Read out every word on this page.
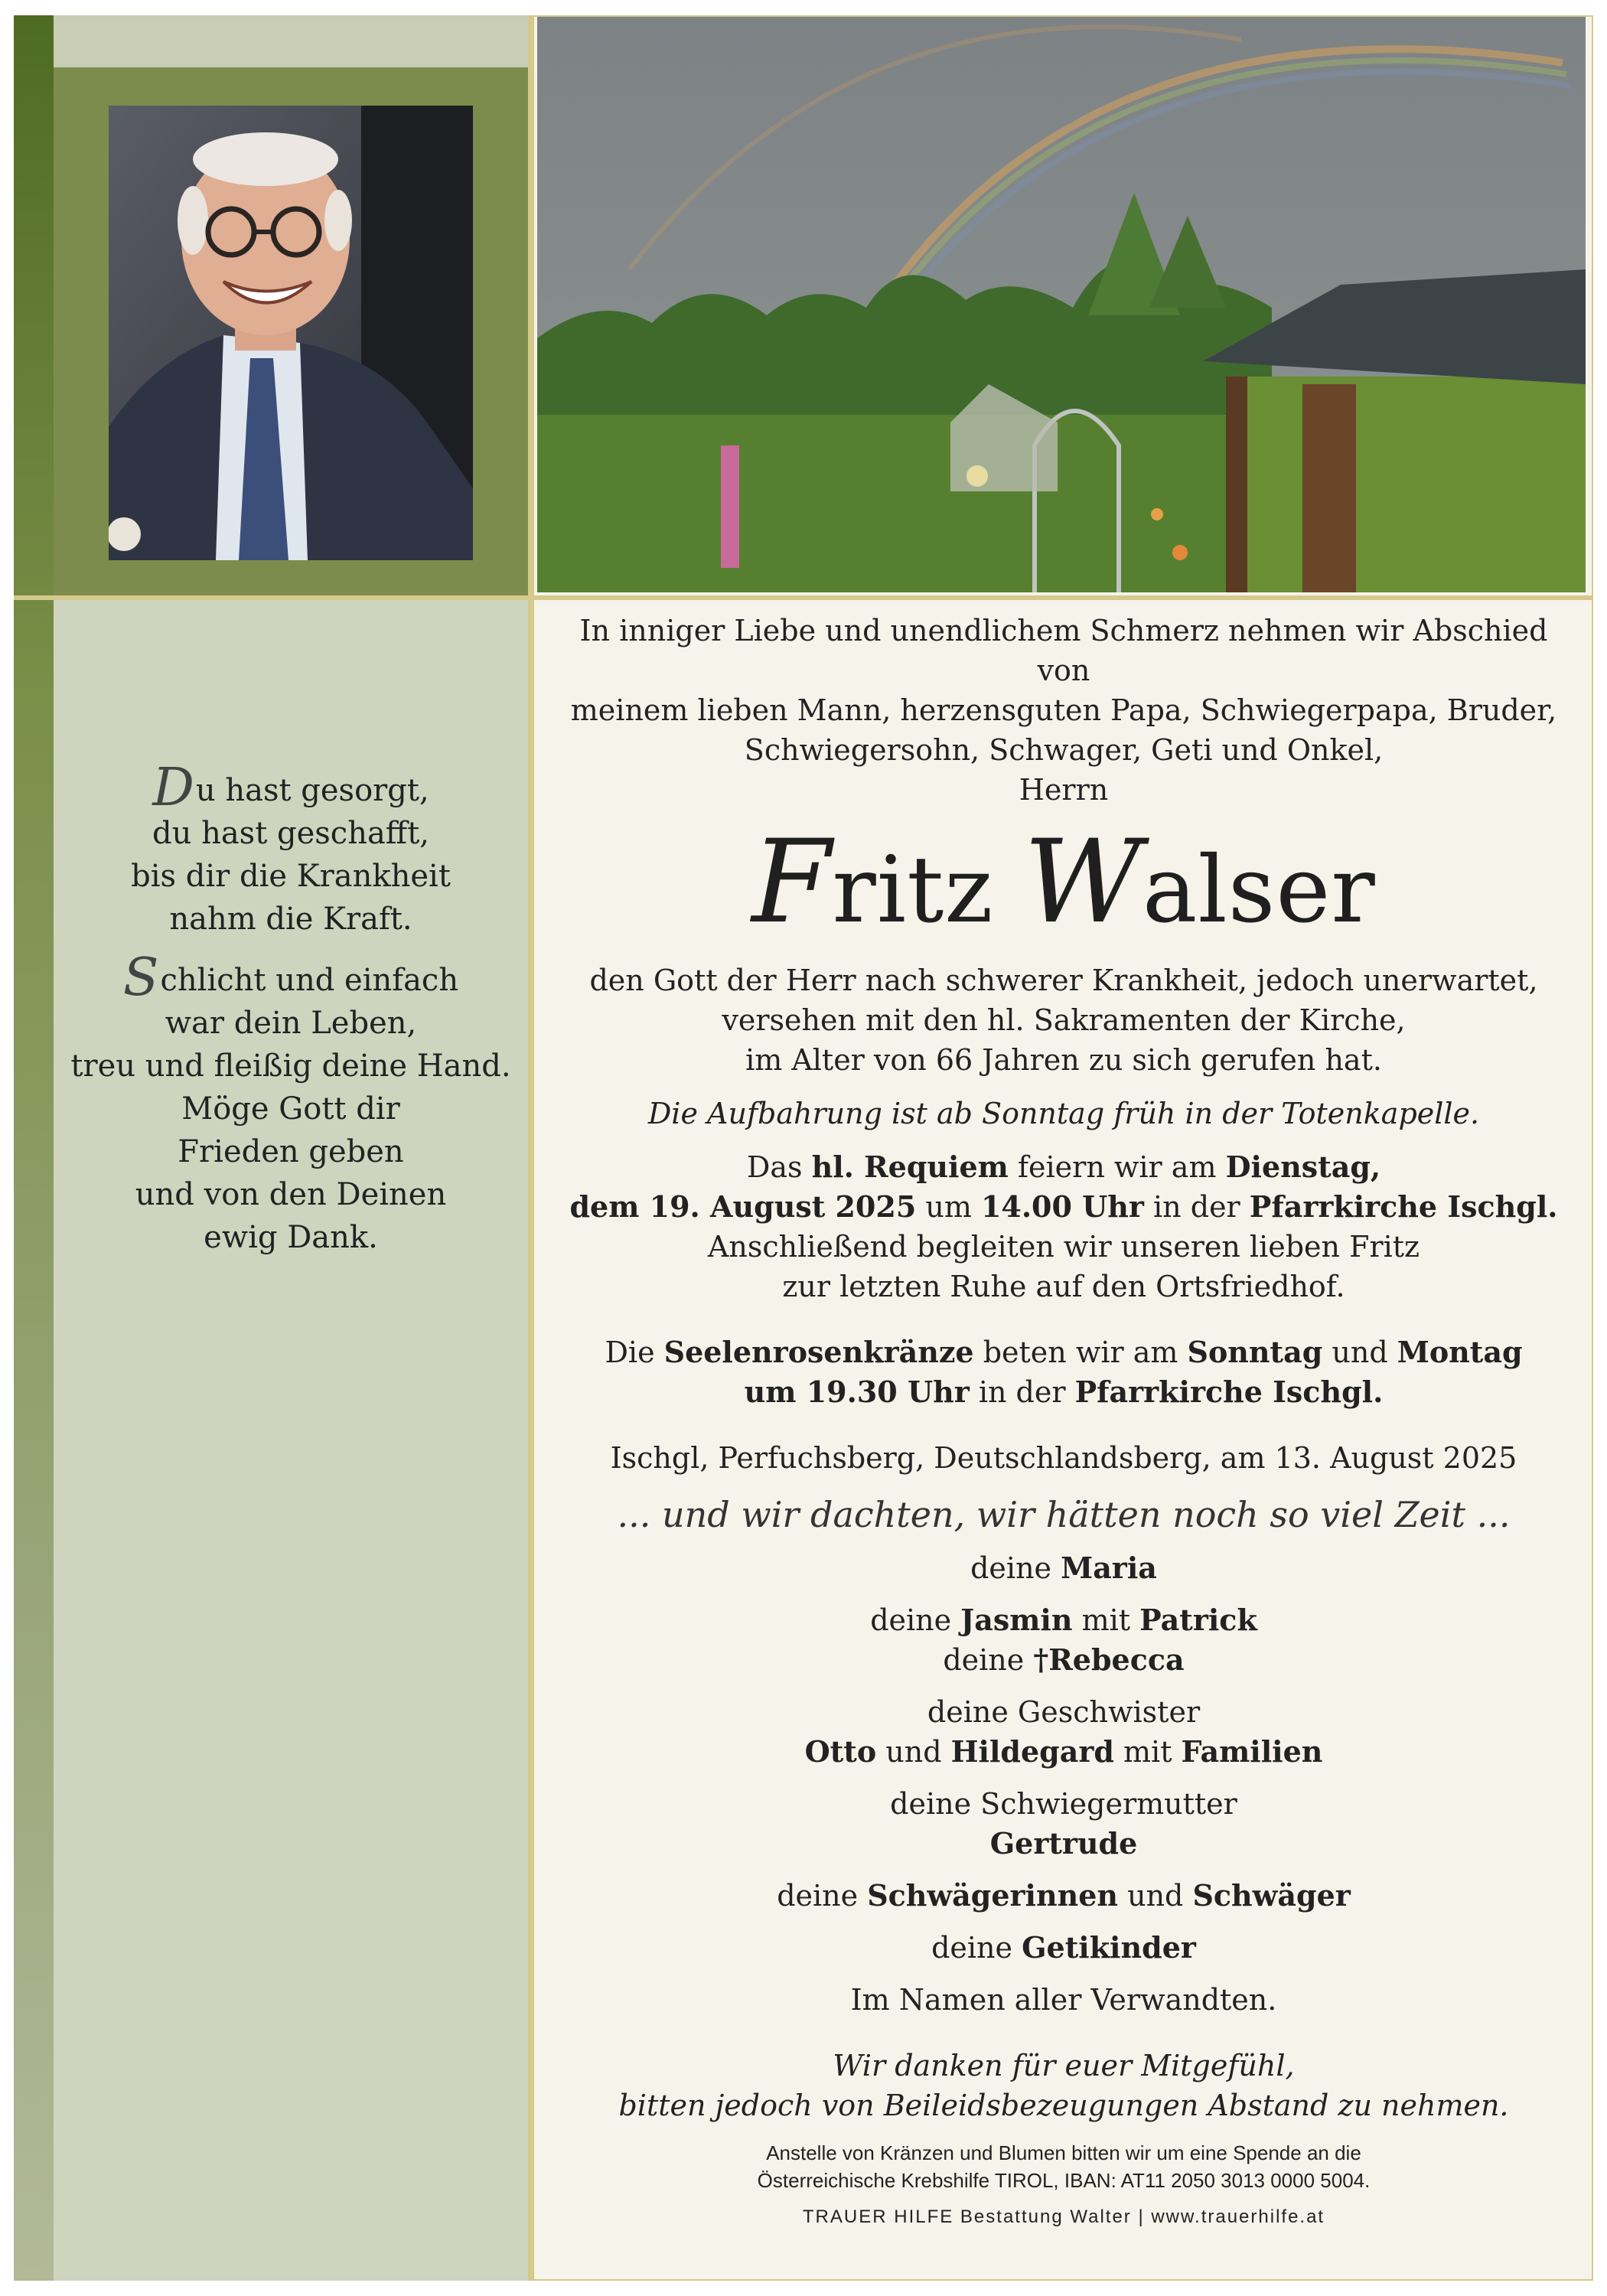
Du hast gesorgt,
du hast geschafft,
bis dir die Krankheit
nahm die Kraft.

Schlicht und einfach
war dein Leben,
treu und fleißig deine Hand.
Möge Gott dir
Frieden geben
und von den Deinen
ewig Dank.

In inniger Liebe und unendlichem Schmerz nehmen wir Abschied von
meinem lieben Mann, herzensguten Papa, Schwiegerpapa, Bruder,
Schwiegersohn, Schwager, Geti und Onkel,
Herrn

Fritz Walser

den Gott der Herr nach schwerer Krankheit, jedoch unerwartet,
versehen mit den hl. Sakramenten der Kirche,
im Alter von 66 Jahren zu sich gerufen hat.

Die Aufbahrung ist ab Sonntag früh in der Totenkapelle.

Das hl. Requiem feiern wir am Dienstag,
dem 19. August 2025 um 14.00 Uhr in der Pfarrkirche Ischgl.
Anschließend begleiten wir unseren lieben Fritz
zur letzten Ruhe auf den Ortsfriedhof.

Die Seelenrosenkränze beten wir am Sonntag und Montag
um 19.30 Uhr in der Pfarrkirche Ischgl.

Ischgl, Perfuchsberg, Deutschlandsberg, am 13. August 2025

... und wir dachten, wir hätten noch so viel Zeit ...

deine Maria

deine Jasmin mit Patrick

deine †Rebecca

deine Geschwister

Otto und Hildegard mit Familien

deine Schwiegermutter

Gertrude

deine Schwägerinnen und Schwäger

deine Getikinder

Im Namen aller Verwandten.

Wir danken für euer Mitgefühl,
bitten jedoch von Beileidsbezeugungen Abstand zu nehmen.

Anstelle von Kränzen und Blumen bitten wir um eine Spende an die
Österreichische Krebshilfe TIROL, IBAN: AT11 2050 3013 0000 5004.

TRAUER HILFE Bestattung Walter | www.trauerhilfe.at
